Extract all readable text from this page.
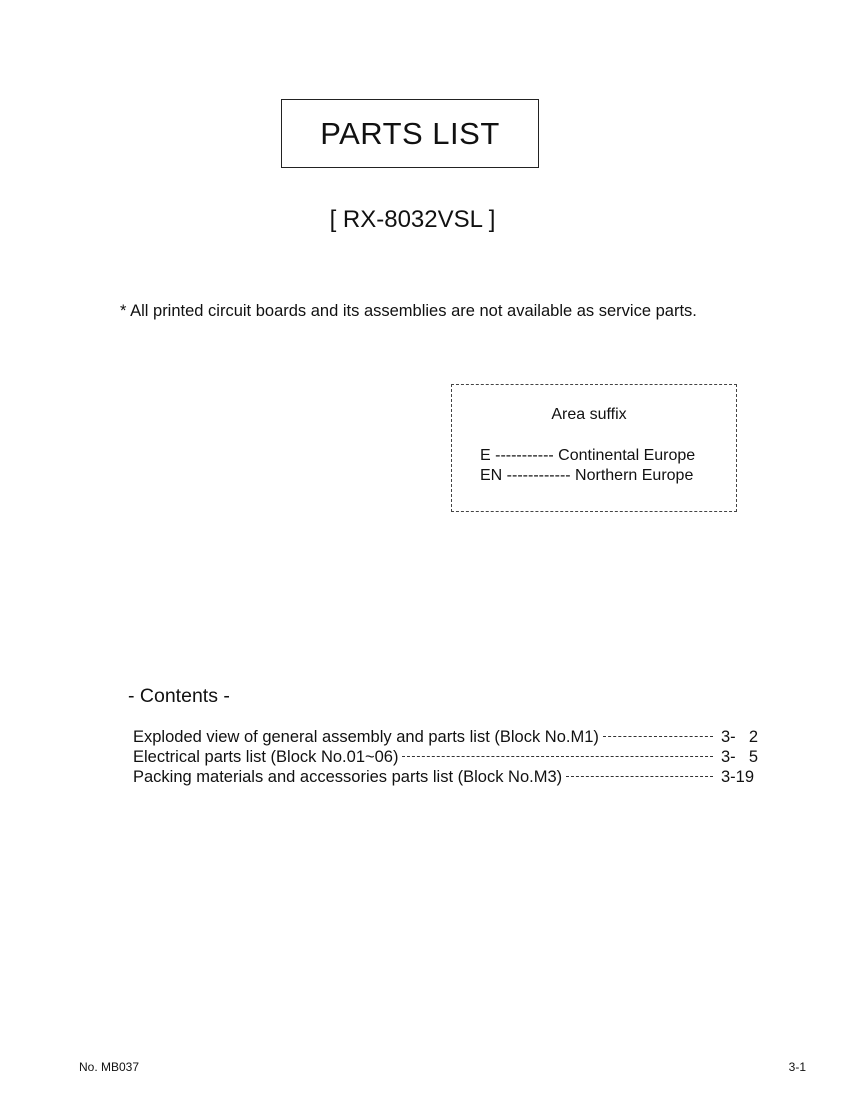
PARTS LIST
[ RX-8032VSL ]
* All printed circuit boards and its assemblies are not available as service parts.
Area suffix
E ----------- Continental Europe
EN ------------ Northern Europe
- Contents -
Exploded view of general assembly and parts list (Block No.M1)	3- 2
Electrical parts list (Block No.01~06)	3- 5
Packing materials and accessories parts list (Block No.M3)	3-19
No. MB037	3-1
